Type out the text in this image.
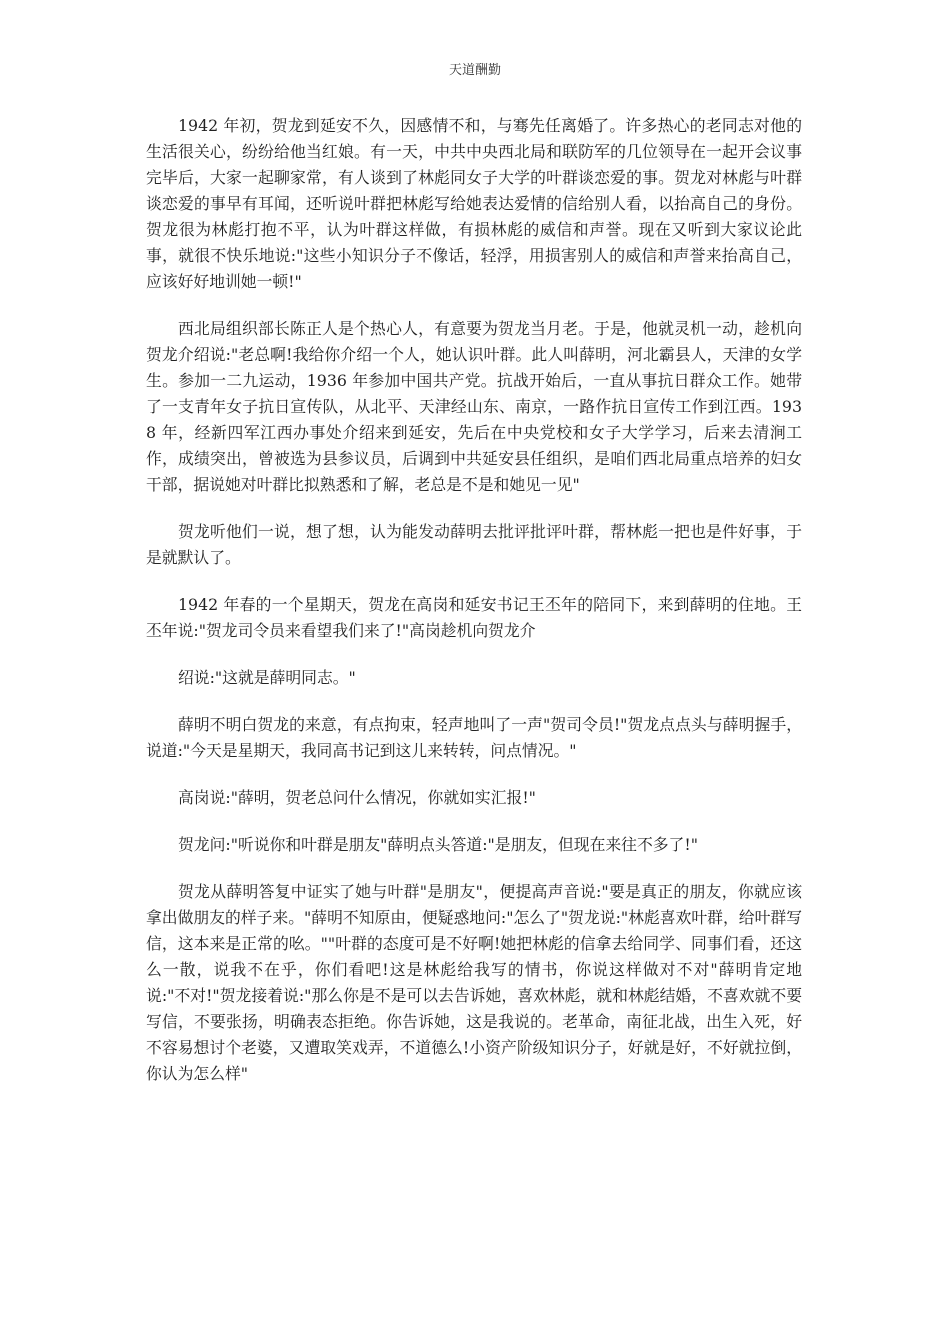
天道酬勤

1942 年初，贺龙到延安不久，因感情不和，与骞先任离婚了。许多热心的老同志对他的生活很关心，纷纷给他当红娘。有一天，中共中央西北局和联防军的几位领导在一起开会议事完毕后，大家一起聊家常，有人谈到了林彪同女子大学的叶群谈恋爱的事。贺龙对林彪与叶群谈恋爱的事早有耳闻，还听说叶群把林彪写给她表达爱情的信给别人看，以抬高自己的身份。贺龙很为林彪打抱不平，认为叶群这样做，有损林彪的威信和声誉。现在又听到大家议论此事，就很不快乐地说:"这些小知识分子不像话，轻浮，用损害别人的威信和声誉来抬高自己，应该好好地训她一顿!"

西北局组织部长陈正人是个热心人，有意要为贺龙当月老。于是，他就灵机一动，趁机向贺龙介绍说:"老总啊!我给你介绍一个人，她认识叶群。此人叫薛明，河北霸县人，天津的女学生。参加一二九运动，1936 年参加中国共产党。抗战开始后，一直从事抗日群众工作。她带了一支青年女子抗日宣传队，从北平、天津经山东、南京，一路作抗日宣传工作到江西。1938 年，经新四军江西办事处介绍来到延安，先后在中央党校和女子大学学习，后来去清涧工作，成绩突出，曾被选为县参议员，后调到中共延安县任组织，是咱们西北局重点培养的妇女干部，据说她对叶群比拟熟悉和了解，老总是不是和她见一见"

贺龙听他们一说，想了想，认为能发动薛明去批评批评叶群，帮林彪一把也是件好事，于是就默认了。

1942 年春的一个星期天，贺龙在高岗和延安书记王丕年的陪同下，来到薛明的住地。王丕年说:"贺龙司令员来看望我们来了!"高岗趁机向贺龙介

绍说:"这就是薛明同志。"

薛明不明白贺龙的来意，有点拘束，轻声地叫了一声"贺司令员!"贺龙点点头与薛明握手，说道:"今天是星期天，我同高书记到这儿来转转，问点情况。"

高岗说:"薛明，贺老总问什么情况，你就如实汇报!"

贺龙问:"听说你和叶群是朋友"薛明点头答道:"是朋友，但现在来往不多了!"

贺龙从薛明答复中证实了她与叶群"是朋友"，便提高声音说:"要是真正的朋友，你就应该拿出做朋友的样子来。"薛明不知原由，便疑惑地问:"怎么了"贺龙说:"林彪喜欢叶群，给叶群写信，这本来是正常的吆。""叶群的态度可是不好啊!她把林彪的信拿去给同学、同事们看，还这么一散，说我不在乎，你们看吧!这是林彪给我写的情书，你说这样做对不对"薛明肯定地说:"不对!"贺龙接着说:"那么你是不是可以去告诉她，喜欢林彪，就和林彪结婚，不喜欢就不要写信，不要张扬，明确表态拒绝。你告诉她，这是我说的。老革命，南征北战，出生入死，好不容易想讨个老婆，又遭取笑戏弄，不道德么!小资产阶级知识分子，好就是好，不好就拉倒，你认为怎么样"
